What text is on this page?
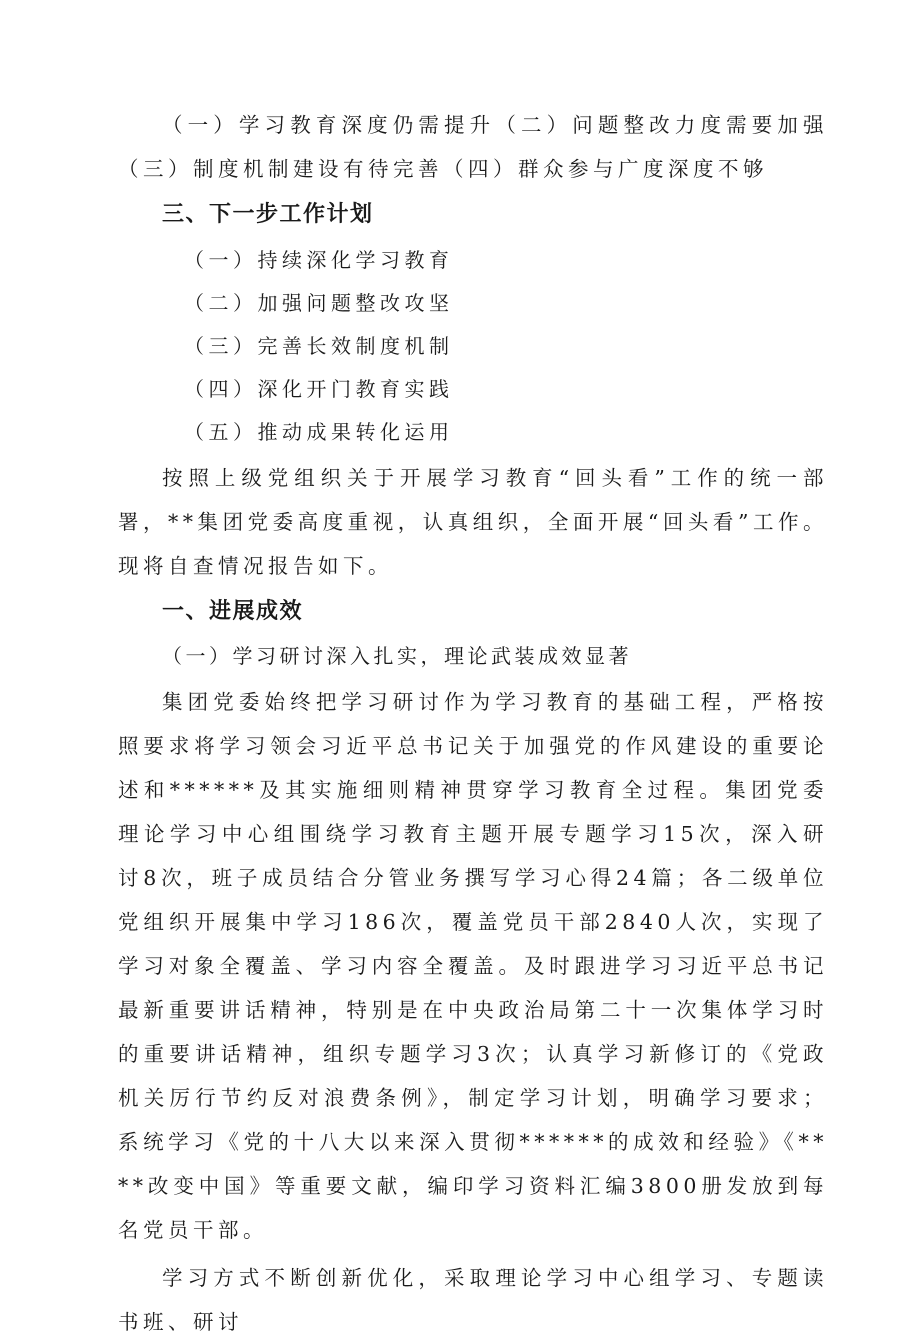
（一）学习教育深度仍需提升（二）问题整改力度需要加强（三）制度机制建设有待完善（四）群众参与广度深度不够

三、下一步工作计划

（一）持续深化学习教育

（二）加强问题整改攻坚

（三）完善长效制度机制

（四）深化开门教育实践

（五）推动成果转化运用

按照上级党组织关于开展学习教育“回头看”工作的统一部署，**集团党委高度重视，认真组织，全面开展“回头看”工作。现将自查情况报告如下。

一、进展成效

（一）学习研讨深入扎实，理论武装成效显著

集团党委始终把学习研讨作为学习教育的基础工程，严格按照要求将学习领会习近平总书记关于加强党的作风建设的重要论述和******及其实施细则精神贯穿学习教育全过程。集团党委理论学习中心组围绕学习教育主题开展专题学习15次，深入研讨8次，班子成员结合分管业务撰写学习心得24篇；各二级单位党组织开展集中学习186次，覆盖党员干部2840人次，实现了学习对象全覆盖、学习内容全覆盖。及时跟进学习习近平总书记最新重要讲话精神，特别是在中央政治局第二十一次集体学习时的重要讲话精神，组织专题学习3次；认真学习新修订的《党政机关厉行节约反对浪费条例》，制定学习计划，明确学习要求；系统学习《党的十八大以来深入贯彻******的成效和经验》《****改变中国》等重要文献，编印学习资料汇编3800册发放到每名党员干部。

学习方式不断创新优化，采取理论学习中心组学习、专题读书班、研讨
